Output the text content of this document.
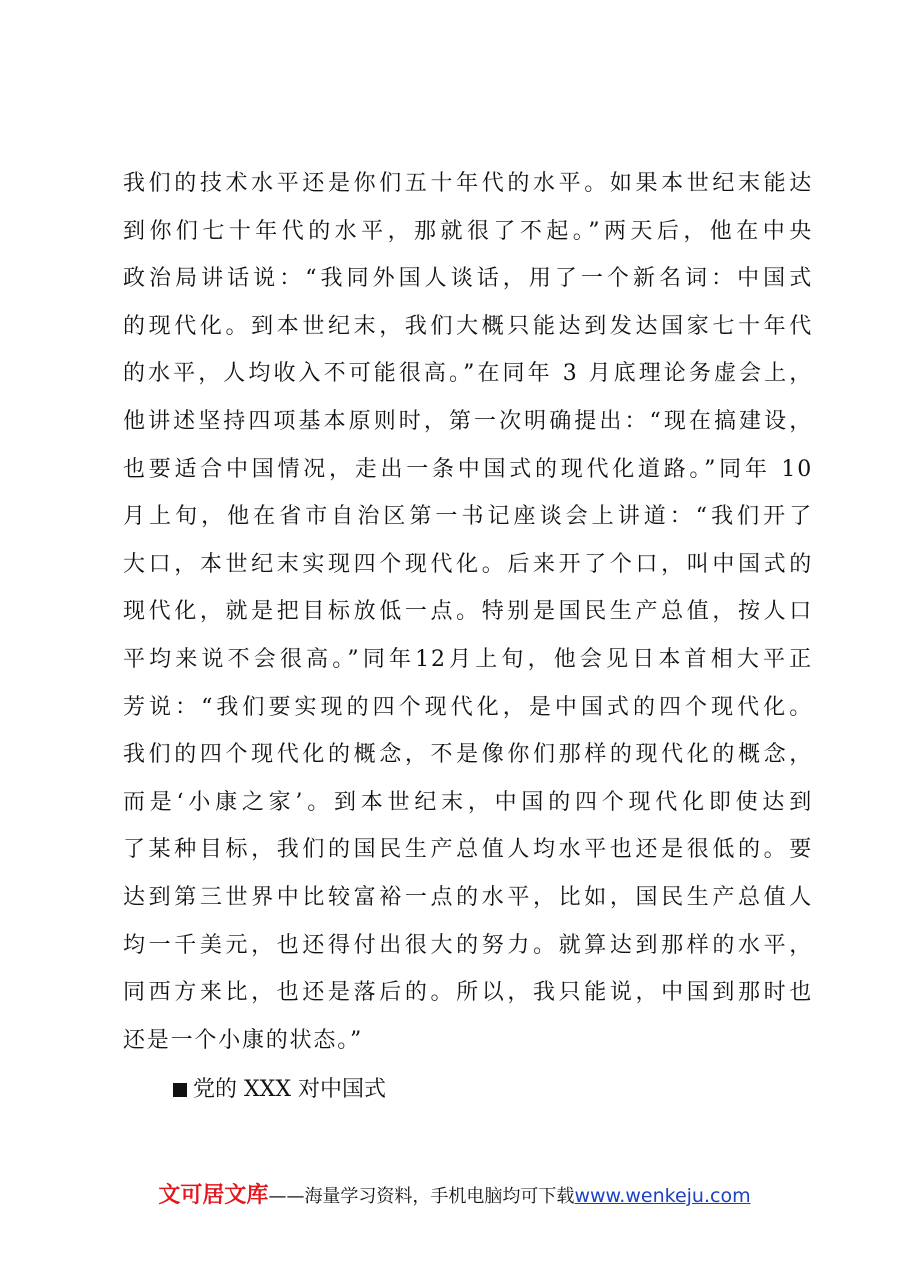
我们的技术水平还是你们五十年代的水平。如果本世纪末能达
到你们七十年代的水平，那就很了不起。”两天后，他在中央
政治局讲话说：“我同外国人谈话，用了一个新名词：中国式
的现代化。到本世纪末，我们大概只能达到发达国家七十年代
的水平，人均收入不可能很高。”在同年 3 月底理论务虚会上，
他讲述坚持四项基本原则时，第一次明确提出：“现在搞建设，
也要适合中国情况，走出一条中国式的现代化道路。”同年 10
月上旬，他在省市自治区第一书记座谈会上讲道：“我们开了
大口，本世纪末实现四个现代化。后来开了个口，叫中国式的
现代化，就是把目标放低一点。特别是国民生产总值，按人口
平均来说不会很高。”同年12月上旬，他会见日本首相大平正
芳说：“我们要实现的四个现代化，是中国式的四个现代化。
我们的四个现代化的概念，不是像你们那样的现代化的概念，
而是‘小康之家’。到本世纪末，中国的四个现代化即使达到
了某种目标，我们的国民生产总值人均水平也还是很低的。要
达到第三世界中比较富裕一点的水平，比如，国民生产总值人
均一千美元，也还得付出很大的努力。就算达到那样的水平，
同西方来比，也还是落后的。所以，我只能说，中国到那时也
还是一个小康的状态。”
党的 XXX 对中国式
文可居文库——海量学习资料，手机电脑均可下载www.wenkeju.com
